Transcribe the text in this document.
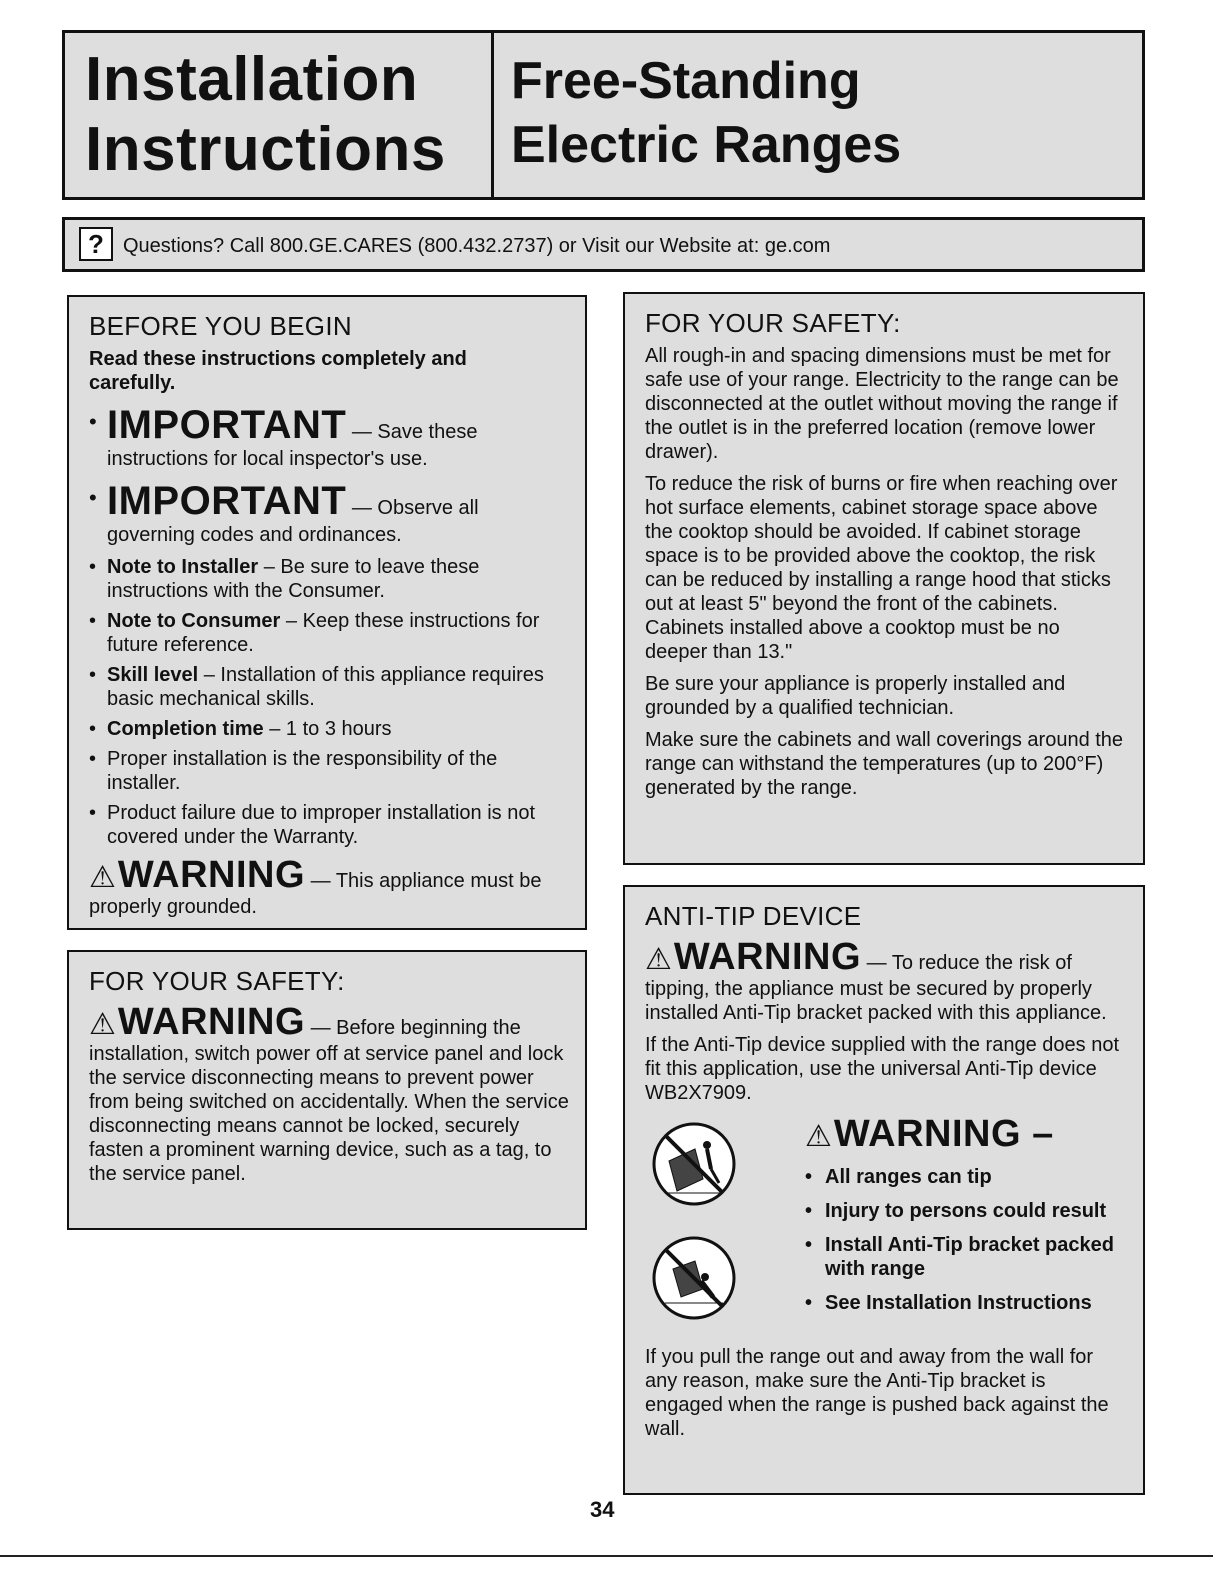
Installation
Instructions
Free-Standing
Electric Ranges
? Questions? Call 800.GE.CARES (800.432.2737) or Visit our Website at: ge.com
BEFORE YOU BEGIN
Read these instructions completely and carefully.
• IMPORTANT — Save these instructions for local inspector's use.
• IMPORTANT — Observe all governing codes and ordinances.
• Note to Installer – Be sure to leave these instructions with the Consumer.
• Note to Consumer – Keep these instructions for future reference.
• Skill level – Installation of this appliance requires basic mechanical skills.
• Completion time – 1 to 3 hours
• Proper installation is the responsibility of the installer.
• Product failure due to improper installation is not covered under the Warranty.
⚠WARNING — This appliance must be properly grounded.
FOR YOUR SAFETY:
⚠WARNING — Before beginning the installation, switch power off at service panel and lock the service disconnecting means to prevent power from being switched on accidentally. When the service disconnecting means cannot be locked, securely fasten a prominent warning device, such as a tag, to the service panel.
FOR YOUR SAFETY:
All rough-in and spacing dimensions must be met for safe use of your range. Electricity to the range can be disconnected at the outlet without moving the range if the outlet is in the preferred location (remove lower drawer).
To reduce the risk of burns or fire when reaching over hot surface elements, cabinet storage space above the cooktop should be avoided. If cabinet storage space is to be provided above the cooktop, the risk can be reduced by installing a range hood that sticks out at least 5" beyond the front of the cabinets. Cabinets installed above a cooktop must be no deeper than 13."
Be sure your appliance is properly installed and grounded by a qualified technician.
Make sure the cabinets and wall coverings around the range can withstand the temperatures (up to 200°F) generated by the range.
ANTI-TIP DEVICE
⚠WARNING — To reduce the risk of tipping, the appliance must be secured by properly installed Anti-Tip bracket packed with this appliance.
If the Anti-Tip device supplied with the range does not fit this application, use the universal Anti-Tip device WB2X7909.
⚠WARNING –
• All ranges can tip
• Injury to persons could result
• Install Anti-Tip bracket packed with range
• See Installation Instructions
If you pull the range out and away from the wall for any reason, make sure the Anti-Tip bracket is engaged when the range is pushed back against the wall.
34
